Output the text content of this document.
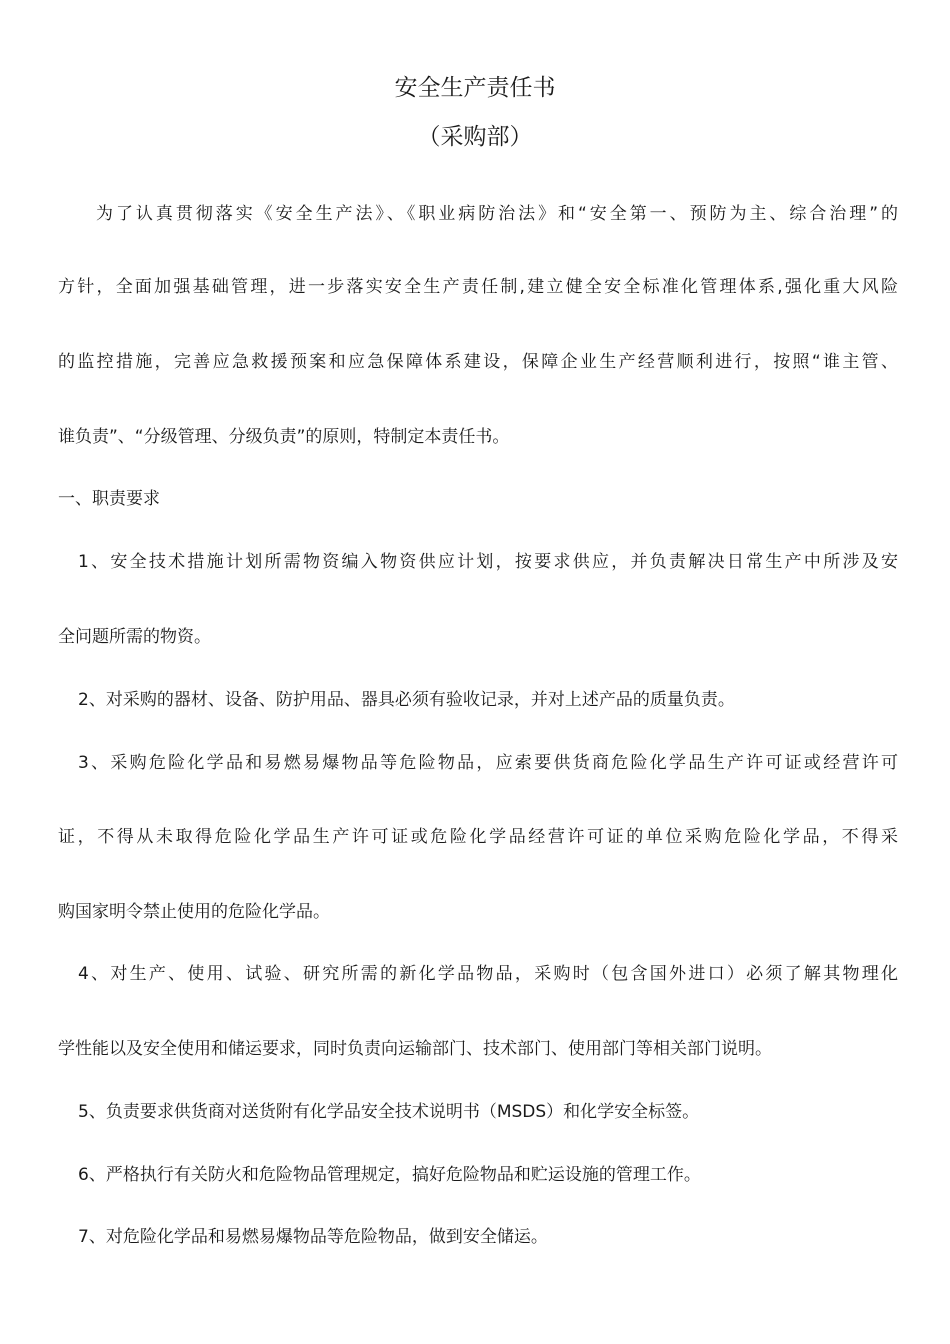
安全生产责任书
（采购部）
为了认真贯彻落实《安全生产法》、《职业病防治法》和“安全第一、预防为主、综合治理”的
方针，全面加强基础管理，进一步落实安全生产责任制,建立健全安全标准化管理体系,强化重大风险
的监控措施，完善应急救援预案和应急保障体系建设，保障企业生产经营顺利进行，按照“谁主管、
谁负责”、“分级管理、分级负责”的原则，特制定本责任书。
一、职责要求
1、安全技术措施计划所需物资编入物资供应计划，按要求供应，并负责解决日常生产中所涉及安
全问题所需的物资。
2、对采购的器材、设备、防护用品、器具必须有验收记录，并对上述产品的质量负责。
3、采购危险化学品和易燃易爆物品等危险物品，应索要供货商危险化学品生产许可证或经营许可
证，不得从未取得危险化学品生产许可证或危险化学品经营许可证的单位采购危险化学品，不得采
购国家明令禁止使用的危险化学品。
4、对生产、使用、试验、研究所需的新化学品物品，采购时（包含国外进口）必须了解其物理化
学性能以及安全使用和储运要求，同时负责向运输部门、技术部门、使用部门等相关部门说明。
5、负责要求供货商对送货附有化学品安全技术说明书（MSDS）和化学安全标签。
6、严格执行有关防火和危险物品管理规定，搞好危险物品和贮运设施的管理工作。
7、对危险化学品和易燃易爆物品等危险物品，做到安全储运。
